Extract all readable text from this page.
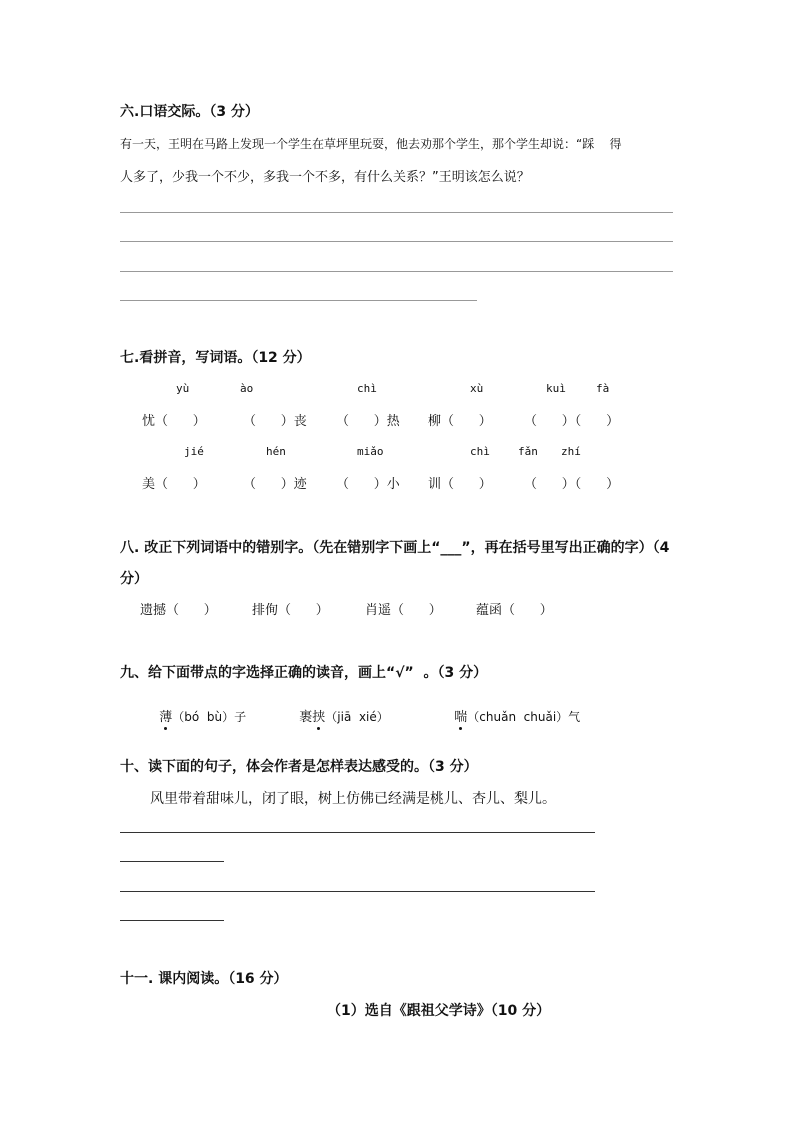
六.口语交际。（3 分）
有一天，王明在马路上发现一个学生在草坪里玩耍，他去劝那个学生，那个学生却说：“踩    得
人多了，少我一个不少，多我一个不多，有什么关系？”王明该怎么说？
七.看拼音，写词语。（12 分）
yù	ào	chì	xù	kuì	fà
忧（      ）	（      ）丧 （      ）热 柳（      ） （      ）（      ）
jié	hén	miǎo	chì	fǎn zhí
美（      ）	（      ）迹 （      ）小 训（      ） （      ）（      ）
八. 改正下列词语中的错别字。（先在错别字下画上“___”，再在括号里写出正确的字）（4
分）
遗撼（      ）	排侚（      ）	肖遥（      ）	蕴函（      ）
九、给下面带点的字选择正确的读音，画上“√”  。（3 分）

薄（bó  bù）子	裹挟（jiā  xié）	喘（chuǎn  chuǎi）气

十、读下面的句子，体会作者是怎样表达感受的。（3 分）
风里带着甜味儿，闭了眼，树上仿佛已经满是桃儿、杏儿、梨儿。
十一. 课内阅读。（16 分）
（1）选自《跟祖父学诗》（10 分）
